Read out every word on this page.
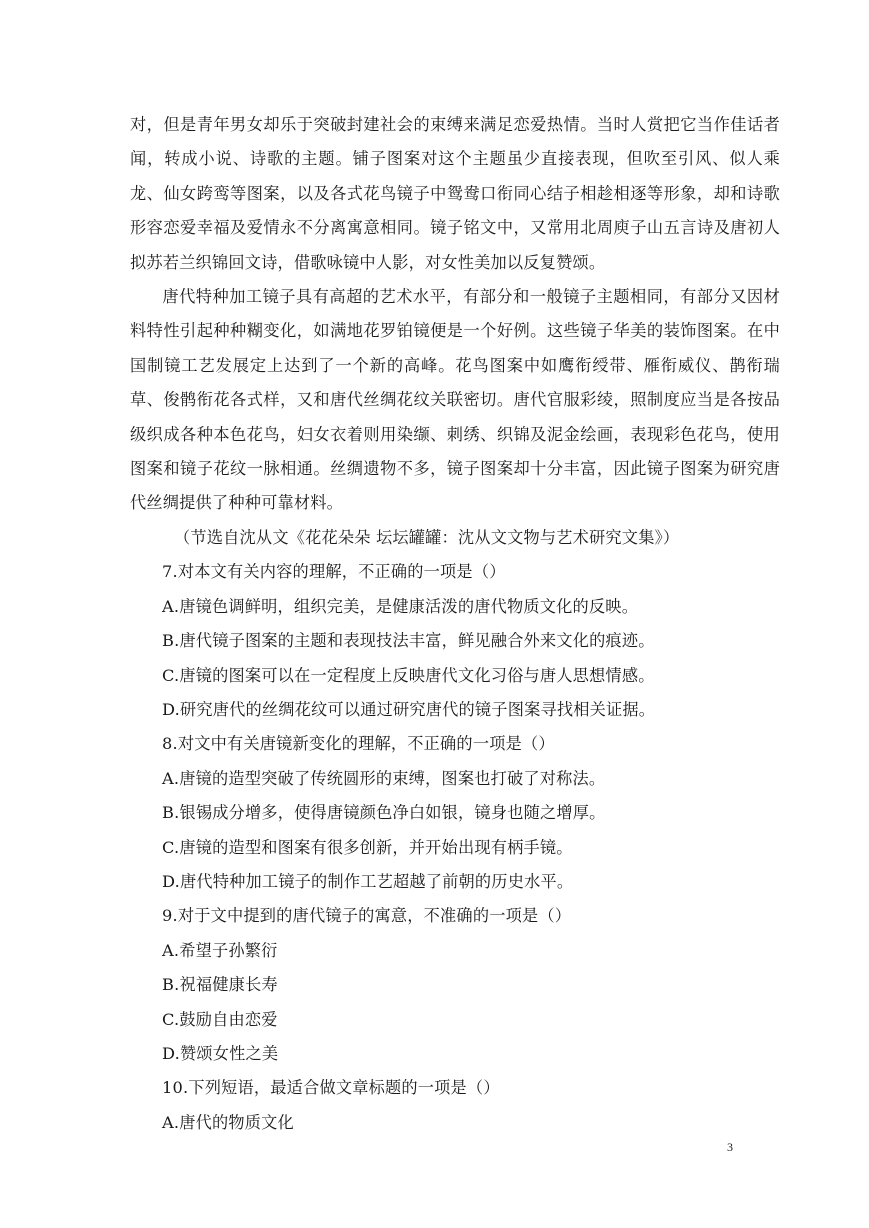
对，但是青年男女却乐于突破封建社会的束缚来满足恋爱热情。当时人赏把它当作佳话者闻，转成小说、诗歌的主题。铺子图案对这个主题虽少直接表现，但吹至引风、似人乘龙、仙女跨鸾等图案，以及各式花鸟镜子中鸳鸯口衔同心结子相趁相逐等形象，却和诗歌形容恋爱幸福及爱情永不分离寓意相同。镜子铭文中，又常用北周庾子山五言诗及唐初人拟苏若兰织锦回文诗，借歌咏镜中人影，对女性美加以反复赞颂。

唐代特种加工镜子具有高超的艺术水平，有部分和一般镜子主题相同，有部分又因材料特性引起种种糊变化，如满地花罗铂镜便是一个好例。这些镜子华美的装饰图案。在中国制镜工艺发展定上达到了一个新的高峰。花鸟图案中如鹰衔绶带、雁衔威仪、鹊衔瑞草、俊鹘衔花各式样，又和唐代丝绸花纹关联密切。唐代官服彩绫，照制度应当是各按品级织成各种本色花鸟，妇女衣着则用染缬、刺绣、织锦及泥金绘画，表现彩色花鸟，使用图案和镜子花纹一脉相通。丝绸遗物不多，镜子图案却十分丰富，因此镜子图案为研究唐代丝绸提供了种种可靠材料。

（节选自沈从文《花花朵朵 坛坛罐罐：沈从文文物与艺术研究文集》）

7.对本文有关内容的理解，不正确的一项是（）

A.唐镜色调鲜明，组织完美，是健康活泼的唐代物质文化的反映。

B.唐代镜子图案的主题和表现技法丰富，鲜见融合外来文化的痕迹。

C.唐镜的图案可以在一定程度上反映唐代文化习俗与唐人思想情感。

D.研究唐代的丝绸花纹可以通过研究唐代的镜子图案寻找相关证据。

8.对文中有关唐镜新变化的理解，不正确的一项是（）

A.唐镜的造型突破了传统圆形的束缚，图案也打破了对称法。

B.银锡成分增多，使得唐镜颜色净白如银，镜身也随之增厚。

C.唐镜的造型和图案有很多创新，并开始出现有柄手镜。

D.唐代特种加工镜子的制作工艺超越了前朝的历史水平。

9.对于文中提到的唐代镜子的寓意，不准确的一项是（）

A.希望子孙繁衍

B.祝福健康长寿

C.鼓励自由恋爱

D.赞颂女性之美

10.下列短语，最适合做文章标题的一项是（）

A.唐代的物质文化

3
